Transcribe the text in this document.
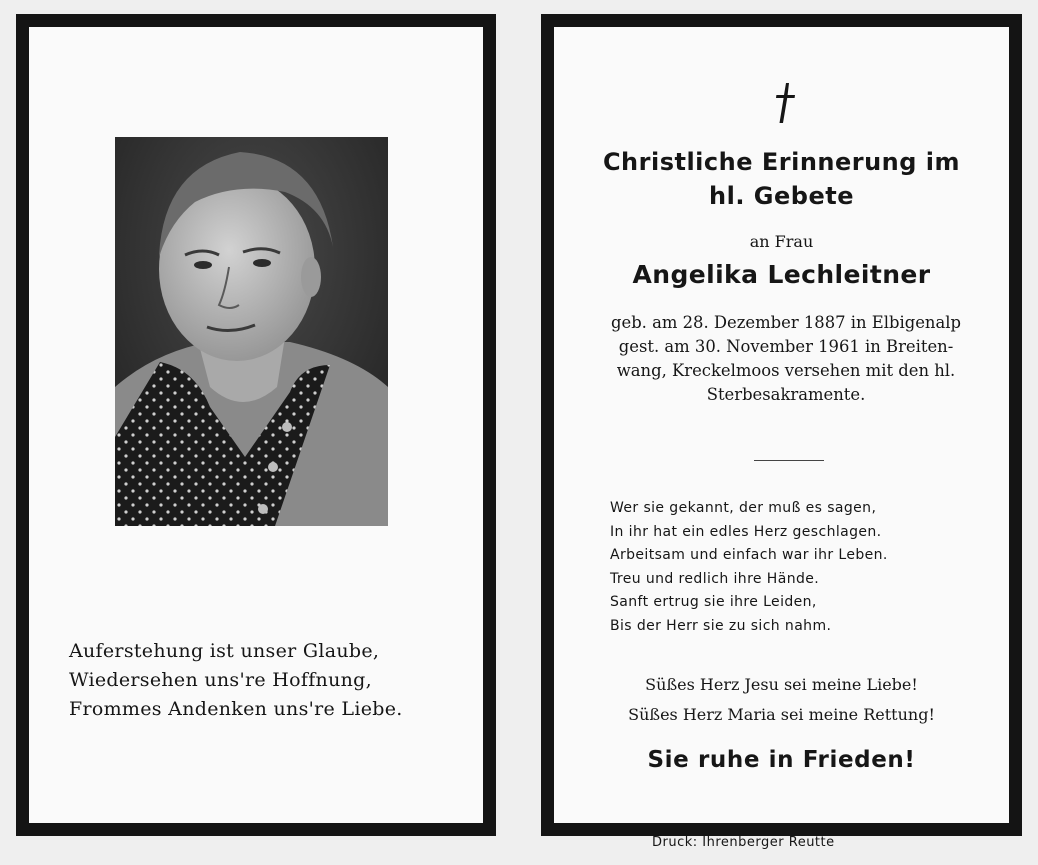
Auferstehung ist unser Glaube,
Wiedersehen uns're Hoffnung,
Frommes Andenken uns're Liebe.
Christliche Erinnerung im
hl. Gebete
an Frau
Angelika Lechleitner
geb. am 28. Dezember 1887 in Elbigenalp
gest. am 30. November 1961 in Breiten-
wang, Kreckelmoos versehen mit den hl.
Sterbesakramente.
Wer sie gekannt, der muß es sagen,
In ihr hat ein edles Herz geschlagen.
Arbeitsam und einfach war ihr Leben.
Treu und redlich ihre Hände.
Sanft ertrug sie ihre Leiden,
Bis der Herr sie zu sich nahm.
Süßes Herz Jesu sei meine Liebe!
Süßes Herz Maria sei meine Rettung!
Sie ruhe in Frieden!
Druck: Ihrenberger Reutte
